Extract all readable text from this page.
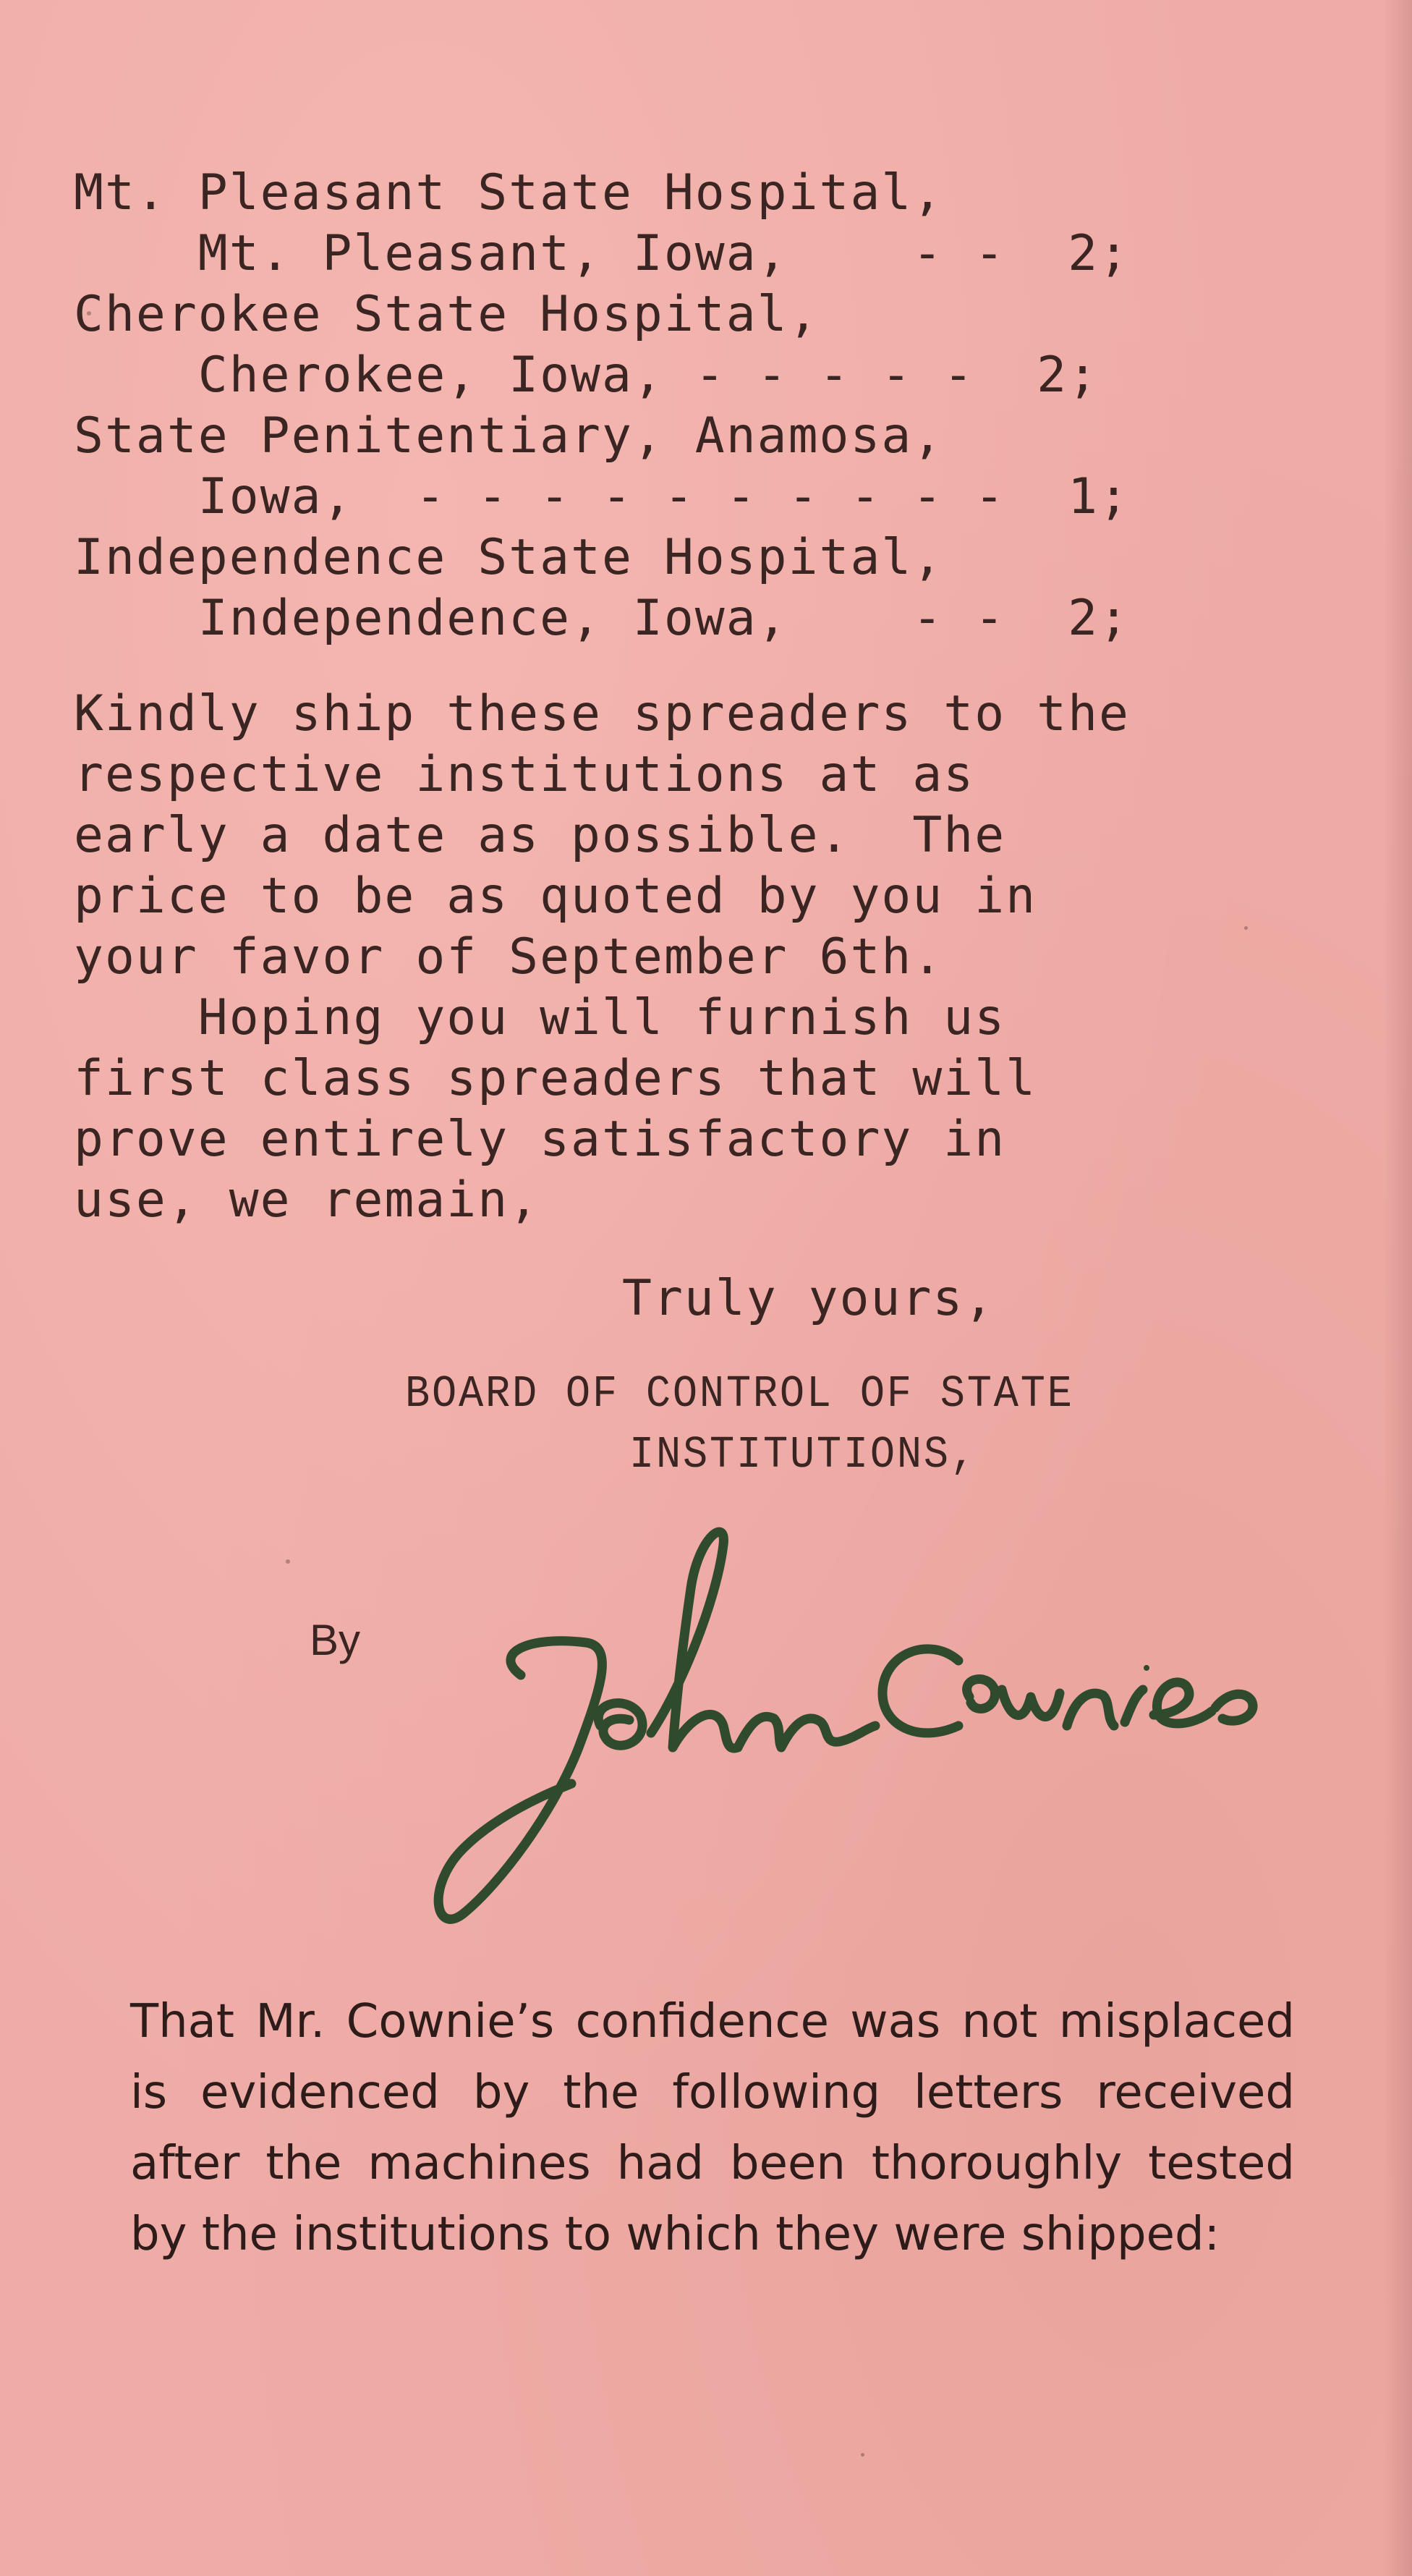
Mt. Pleasant State Hospital,

Mt. Pleasant, Iowa,    - -  2;

Cherokee State Hospital,

Cherokee, Iowa, - - - - -  2;

State Penitentiary, Anamosa,

Iowa,  - - - - - - - - - -  1;

Independence State Hospital,

Independence, Iowa,    - -  2;

Kindly ship these spreaders to the

respective institutions at as

early a date as possible.  The

price to be as quoted by you in

your favor of September 6th.

Hoping you will furnish us

first class spreaders that will

prove entirely satisfactory in

use, we remain,

Truly yours,

BOARD OF CONTROL OF STATE

INSTITUTIONS,

By

That Mr. Cownie’s confidence was not misplaced is evidenced by the following letters received after the machines had been thoroughly tested by the institutions to which they were shipped:
